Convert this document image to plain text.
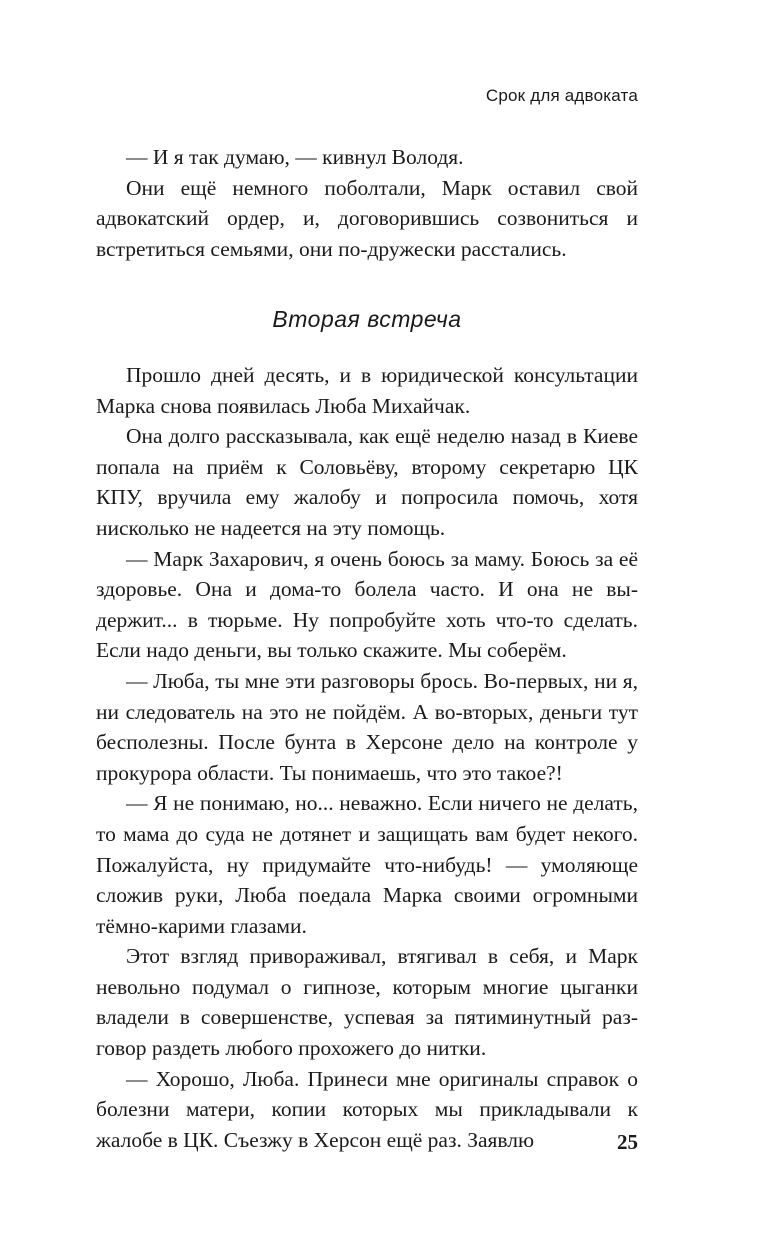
Срок для адвоката

— И я так думаю, — кивнул Володя.

Они ещё немного поболтали, Марк оставил свой адвокатский ордер, и, договорившись созвониться и встретиться семьями, они по-дружески расстались.

Вторая встреча

Прошло дней десять, и в юридической консультации Марка снова появилась Люба Михайчак.

Она долго рассказывала, как ещё неделю назад в Киеве попала на приём к Соловьёву, второму секретарю ЦК КПУ, вручила ему жалобу и попросила помочь, хотя нисколько не надеется на эту помощь.

— Марк Захарович, я очень боюсь за маму. Боюсь за её здоровье. Она и дома-то болела часто. И она не выдержит... в тюрьме. Ну попробуйте хоть что-то сделать. Если надо деньги, вы только скажите. Мы соберём.

— Люба, ты мне эти разговоры брось. Во-первых, ни я, ни следователь на это не пойдём. А во-вторых, деньги тут бесполезны. После бунта в Херсоне дело на контроле у прокурора области. Ты понимаешь, что это такое?!

— Я не понимаю, но... неважно. Если ничего не делать, то мама до суда не дотянет и защищать вам будет некого. Пожалуйста, ну придумайте что-нибудь! — умоляюще сложив руки, Люба поедала Марка своими огромными тёмно-карими глазами.

Этот взгляд привораживал, втягивал в себя, и Марк невольно подумал о гипнозе, которым многие цыганки владели в совершенстве, успевая за пятиминутный разговор раздеть любого прохожего до нитки.

— Хорошо, Люба. Принеси мне оригиналы справок о болезни матери, копии которых мы прикладывали к жалобе в ЦК. Съезжу в Херсон ещё раз. Заявлю	25
